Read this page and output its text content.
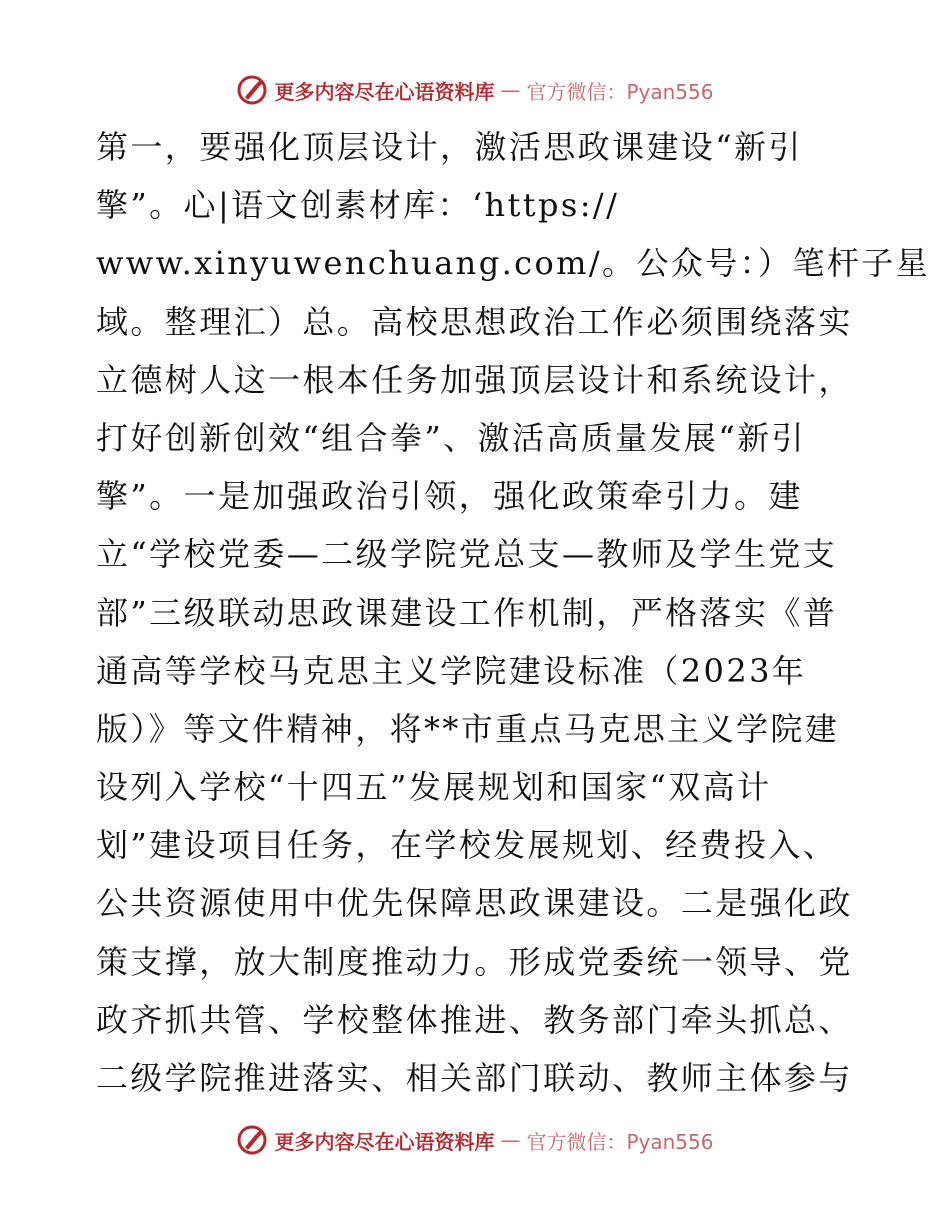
更多内容尽在心语资料库 — 官方微信：Pyan556
第一，要强化顶层设计，激活思政课建设“新引
擎”。心|语文创素材库：‘https://
www.xinyuwenchuang.com/。公众号：）笔杆子星
域。整理汇）总。高校思想政治工作必须围绕落实
立德树人这一根本任务加强顶层设计和系统设计，
打好创新创效“组合拳”、激活高质量发展“新引
擎”。一是加强政治引领，强化政策牵引力。建
立“学校党委—二级学院党总支—教师及学生党支
部”三级联动思政课建设工作机制，严格落实《普
通高等学校马克思主义学院建设标准（2023年
版）》等文件精神，将**市重点马克思主义学院建
设列入学校“十四五”发展规划和国家“双高计
划”建设项目任务，在学校发展规划、经费投入、
公共资源使用中优先保障思政课建设。二是强化政
策支撑，放大制度推动力。形成党委统一领导、党
政齐抓共管、学校整体推进、教务部门牵头抓总、
二级学院推进落实、相关部门联动、教师主体参与
更多内容尽在心语资料库 — 官方微信：Pyan556
